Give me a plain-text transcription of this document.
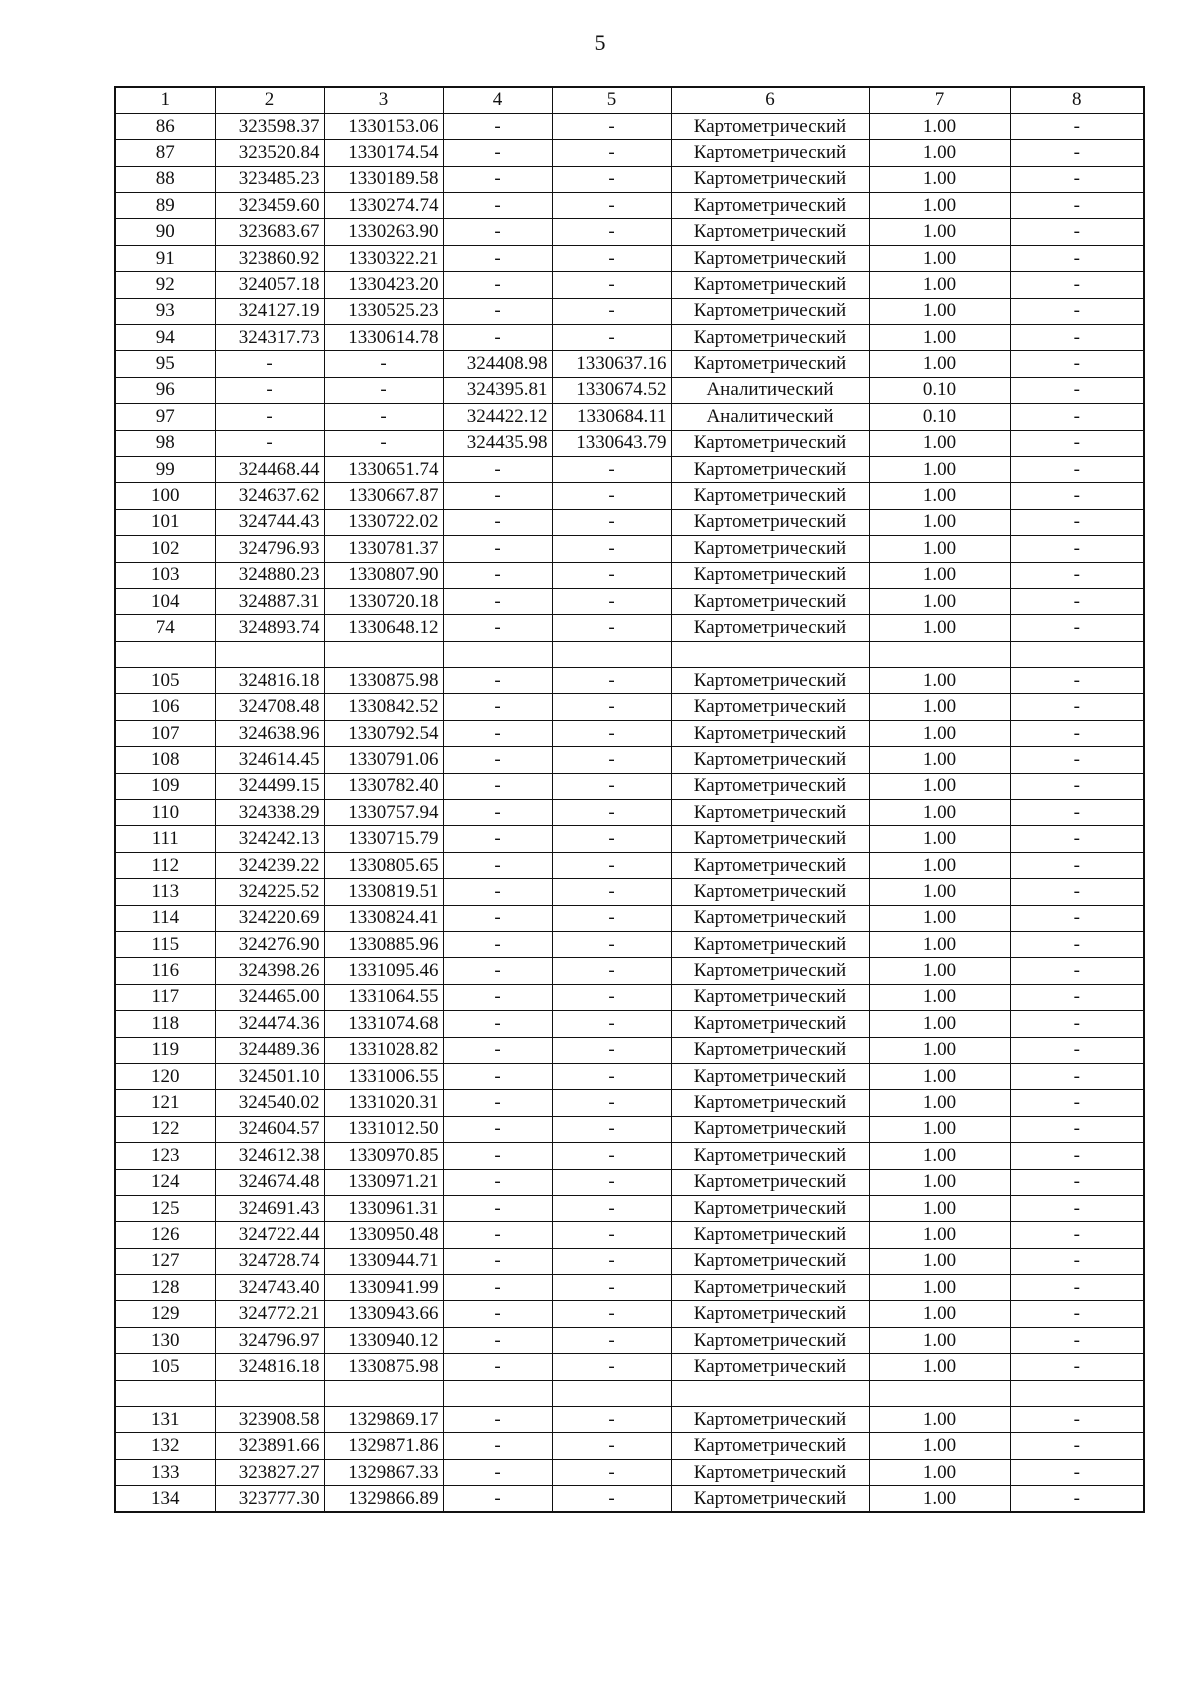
5
1	2	3	4	5	6	7	8
86	323598.37	1330153.06	-	-	Картометрический	1.00	-
87	323520.84	1330174.54	-	-	Картометрический	1.00	-
88	323485.23	1330189.58	-	-	Картометрический	1.00	-
89	323459.60	1330274.74	-	-	Картометрический	1.00	-
90	323683.67	1330263.90	-	-	Картометрический	1.00	-
91	323860.92	1330322.21	-	-	Картометрический	1.00	-
92	324057.18	1330423.20	-	-	Картометрический	1.00	-
93	324127.19	1330525.23	-	-	Картометрический	1.00	-
94	324317.73	1330614.78	-	-	Картометрический	1.00	-
95	-	-	324408.98	1330637.16	Картометрический	1.00	-
96	-	-	324395.81	1330674.52	Аналитический	0.10	-
97	-	-	324422.12	1330684.11	Аналитический	0.10	-
98	-	-	324435.98	1330643.79	Картометрический	1.00	-
99	324468.44	1330651.74	-	-	Картометрический	1.00	-
100	324637.62	1330667.87	-	-	Картометрический	1.00	-
101	324744.43	1330722.02	-	-	Картометрический	1.00	-
102	324796.93	1330781.37	-	-	Картометрический	1.00	-
103	324880.23	1330807.90	-	-	Картометрический	1.00	-
104	324887.31	1330720.18	-	-	Картометрический	1.00	-
74	324893.74	1330648.12	-	-	Картометрический	1.00	-

105	324816.18	1330875.98	-	-	Картометрический	1.00	-
106	324708.48	1330842.52	-	-	Картометрический	1.00	-
107	324638.96	1330792.54	-	-	Картометрический	1.00	-
108	324614.45	1330791.06	-	-	Картометрический	1.00	-
109	324499.15	1330782.40	-	-	Картометрический	1.00	-
110	324338.29	1330757.94	-	-	Картометрический	1.00	-
111	324242.13	1330715.79	-	-	Картометрический	1.00	-
112	324239.22	1330805.65	-	-	Картометрический	1.00	-
113	324225.52	1330819.51	-	-	Картометрический	1.00	-
114	324220.69	1330824.41	-	-	Картометрический	1.00	-
115	324276.90	1330885.96	-	-	Картометрический	1.00	-
116	324398.26	1331095.46	-	-	Картометрический	1.00	-
117	324465.00	1331064.55	-	-	Картометрический	1.00	-
118	324474.36	1331074.68	-	-	Картометрический	1.00	-
119	324489.36	1331028.82	-	-	Картометрический	1.00	-
120	324501.10	1331006.55	-	-	Картометрический	1.00	-
121	324540.02	1331020.31	-	-	Картометрический	1.00	-
122	324604.57	1331012.50	-	-	Картометрический	1.00	-
123	324612.38	1330970.85	-	-	Картометрический	1.00	-
124	324674.48	1330971.21	-	-	Картометрический	1.00	-
125	324691.43	1330961.31	-	-	Картометрический	1.00	-
126	324722.44	1330950.48	-	-	Картометрический	1.00	-
127	324728.74	1330944.71	-	-	Картометрический	1.00	-
128	324743.40	1330941.99	-	-	Картометрический	1.00	-
129	324772.21	1330943.66	-	-	Картометрический	1.00	-
130	324796.97	1330940.12	-	-	Картометрический	1.00	-
105	324816.18	1330875.98	-	-	Картометрический	1.00	-

131	323908.58	1329869.17	-	-	Картометрический	1.00	-
132	323891.66	1329871.86	-	-	Картометрический	1.00	-
133	323827.27	1329867.33	-	-	Картометрический	1.00	-
134	323777.30	1329866.89	-	-	Картометрический	1.00	-
